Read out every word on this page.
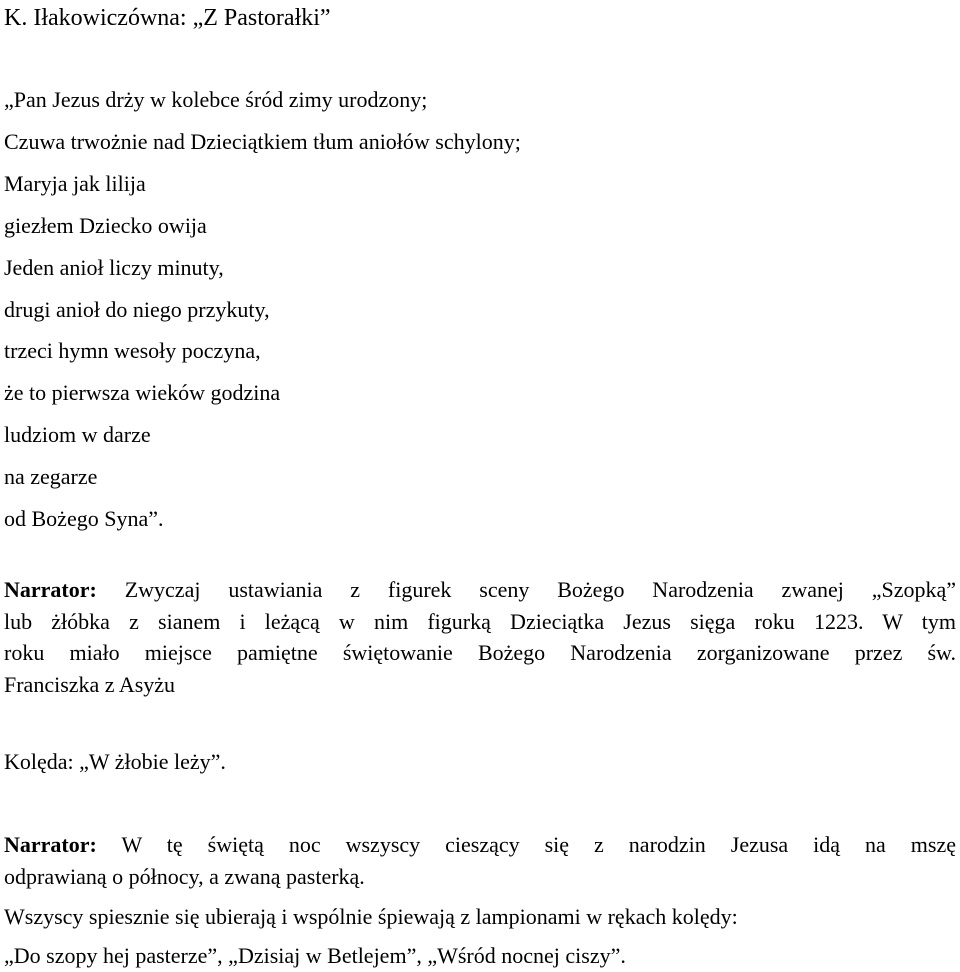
K. Iłakowiczówna: „Z Pastorałki”
„Pan Jezus drży w kolebce śród zimy urodzony;
Czuwa trwożnie nad Dzieciątkiem tłum aniołów schylony;
Maryja jak lilija
giezłem Dziecko owija
Jeden anioł liczy minuty,
drugi anioł do niego przykuty,
trzeci hymn wesoły poczyna,
że to pierwsza wieków godzina
ludziom w darze
na zegarze
od Bożego Syna”.
Narrator: Zwyczaj ustawiania z figurek sceny Bożego Narodzenia zwanej „Szopką”
lub żłóbka z sianem i leżącą w nim figurką Dzieciątka Jezus sięga roku 1223. W tym
roku miało miejsce pamiętne świętowanie Bożego Narodzenia zorganizowane przez św.
Franciszka z Asyżu
Kolęda: „W żłobie leży”.
Narrator: W tę świętą noc wszyscy cieszący się z narodzin Jezusa idą na mszę
odprawianą o północy, a zwaną pasterką.
Wszyscy spiesznie się ubierają i wspólnie śpiewają z lampionami w rękach kolędy:
„Do szopy hej pasterze”, „Dzisiaj w Betlejem”, „Wśród nocnej ciszy”.
